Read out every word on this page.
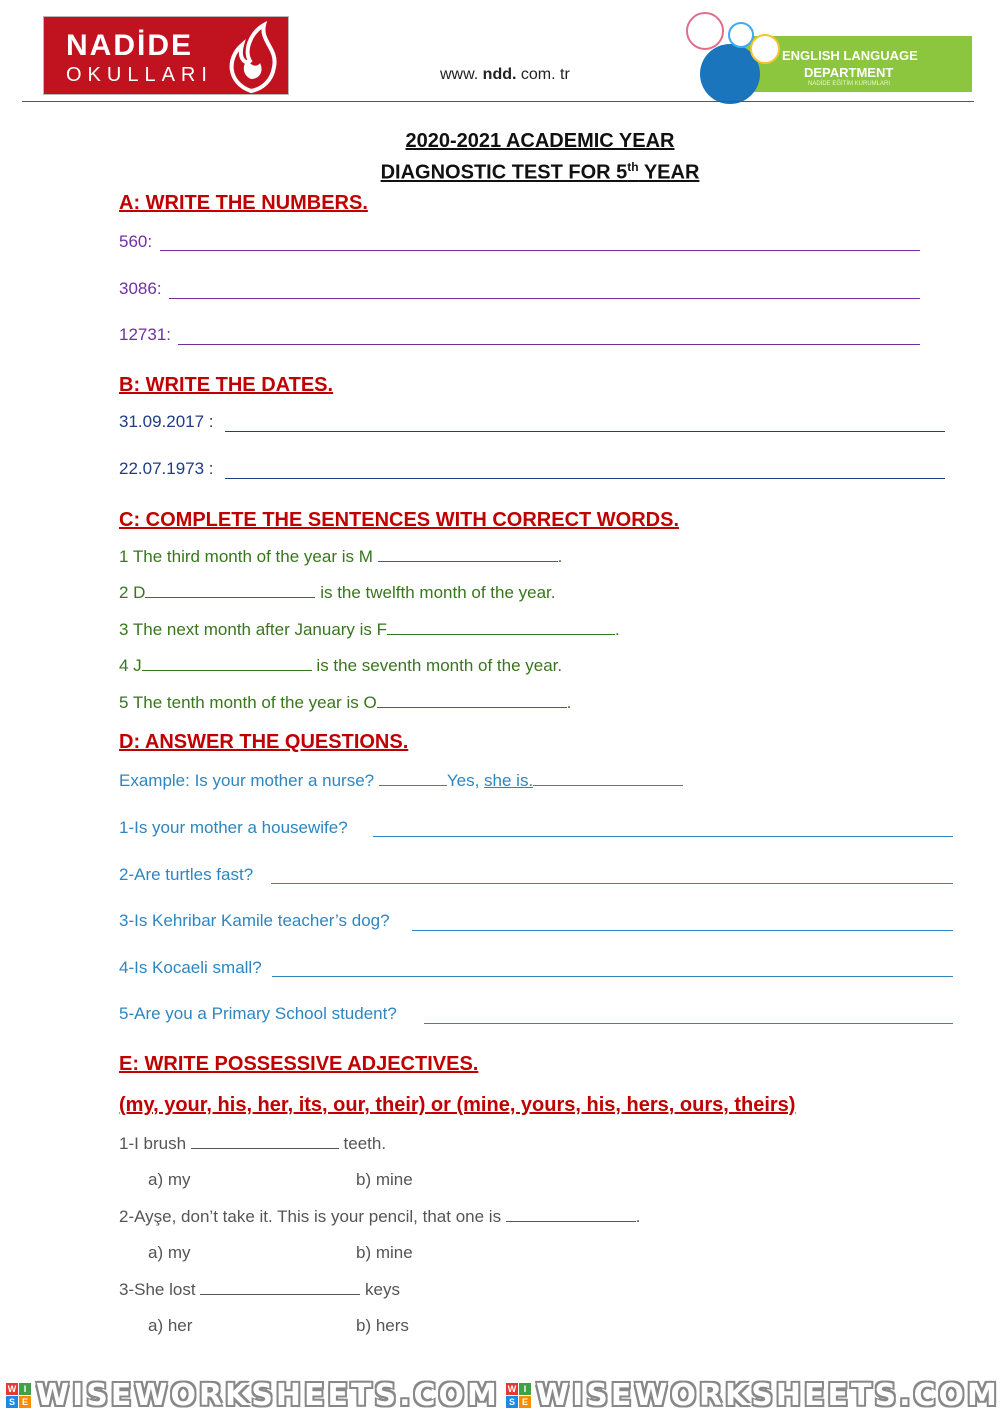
NADİDE
OKULLARI	www. ndd. com. tr
ENGLISH LANGUAGE
DEPARTMENT
NADİDE EĞİTİM KURUMLARI
2020-2021 ACADEMIC YEAR
DIAGNOSTIC TEST FOR 5th YEAR
A: WRITE THE NUMBERS.
560:
3086:
12731:
B: WRITE THE DATES.
31.09.2017 :
22.07.1973 :
C: COMPLETE THE SENTENCES WITH CORRECT WORDS.
1 The third month of the year is M	.
2 D	is the twelfth month of the year.
3 The next month after January is F	.
4 J	is the seventh month of the year.
5 The tenth month of the year is O	.
D: ANSWER THE QUESTIONS.
Example: Is your mother a nurse?	Yes, she is.
1-Is your mother a housewife?
2-Are turtles fast?
3-Is Kehribar Kamile teacher’s dog?
4-Is Kocaeli small?
5-Are you a Primary School student?
E: WRITE POSSESSIVE ADJECTIVES.
(my, your, his, her, its, our, their) or (mine, yours, his, hers, ours, theirs)
1-I brush	teeth.
a) my	b) mine
2-Ayşe, don’t take it. This is your pencil, that one is	.
a) my	b) mine
3-She lost	keys
a) her	b) hers
W I
S E WISEWORKSHEETS.COM W I
S E WISEWORKSHEETS.COM
